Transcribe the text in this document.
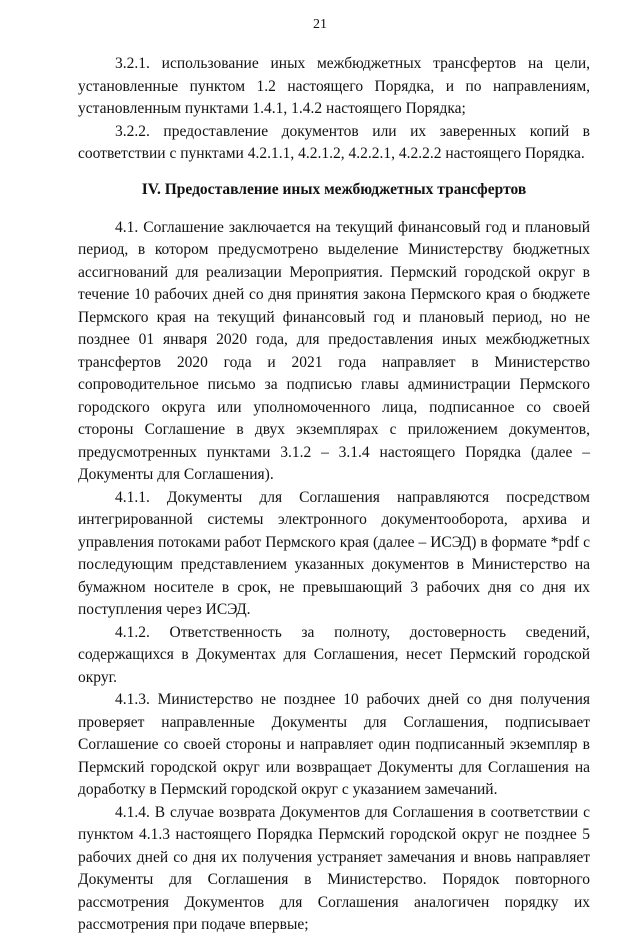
21

3.2.1. использование иных межбюджетных трансфертов на цели, установленные пунктом 1.2 настоящего Порядка, и по направлениям, установленным пунктами 1.4.1, 1.4.2 настоящего Порядка;

3.2.2. предоставление документов или их заверенных копий в соответствии с пунктами 4.2.1.1, 4.2.1.2, 4.2.2.1, 4.2.2.2 настоящего Порядка.

IV. Предоставление иных межбюджетных трансфертов

4.1. Соглашение заключается на текущий финансовый год и плановый период, в котором предусмотрено выделение Министерству бюджетных ассигнований для реализации Мероприятия. Пермский городской округ в течение 10 рабочих дней со дня принятия закона Пермского края о бюджете Пермского края на текущий финансовый год и плановый период, но не позднее 01 января 2020 года, для предоставления иных межбюджетных трансфертов 2020 года и 2021 года направляет в Министерство сопроводительное письмо за подписью главы администрации Пермского городского округа или уполномоченного лица, подписанное со своей стороны Соглашение в двух экземплярах с приложением документов, предусмотренных пунктами 3.1.2 – 3.1.4 настоящего Порядка (далее – Документы для Соглашения).

4.1.1. Документы для Соглашения направляются посредством интегрированной системы электронного документооборота, архива и управления потоками работ Пермского края (далее – ИСЭД) в формате *pdf с последующим представлением указанных документов в Министерство на бумажном носителе в срок, не превышающий 3 рабочих дня со дня их поступления через ИСЭД.

4.1.2. Ответственность за полноту, достоверность сведений, содержащихся в Документах для Соглашения, несет Пермский городской округ.

4.1.3. Министерство не позднее 10 рабочих дней со дня получения проверяет направленные Документы для Соглашения, подписывает Соглашение со своей стороны и направляет один подписанный экземпляр в Пермский городской округ или возвращает Документы для Соглашения на доработку в Пермский городской округ с указанием замечаний.

4.1.4. В случае возврата Документов для Соглашения в соответствии с пунктом 4.1.3 настоящего Порядка Пермский городской округ не позднее 5 рабочих дней со дня их получения устраняет замечания и вновь направляет Документы для Соглашения в Министерство. Порядок повторного рассмотрения Документов для Соглашения аналогичен порядку их рассмотрения при подаче впервые;
